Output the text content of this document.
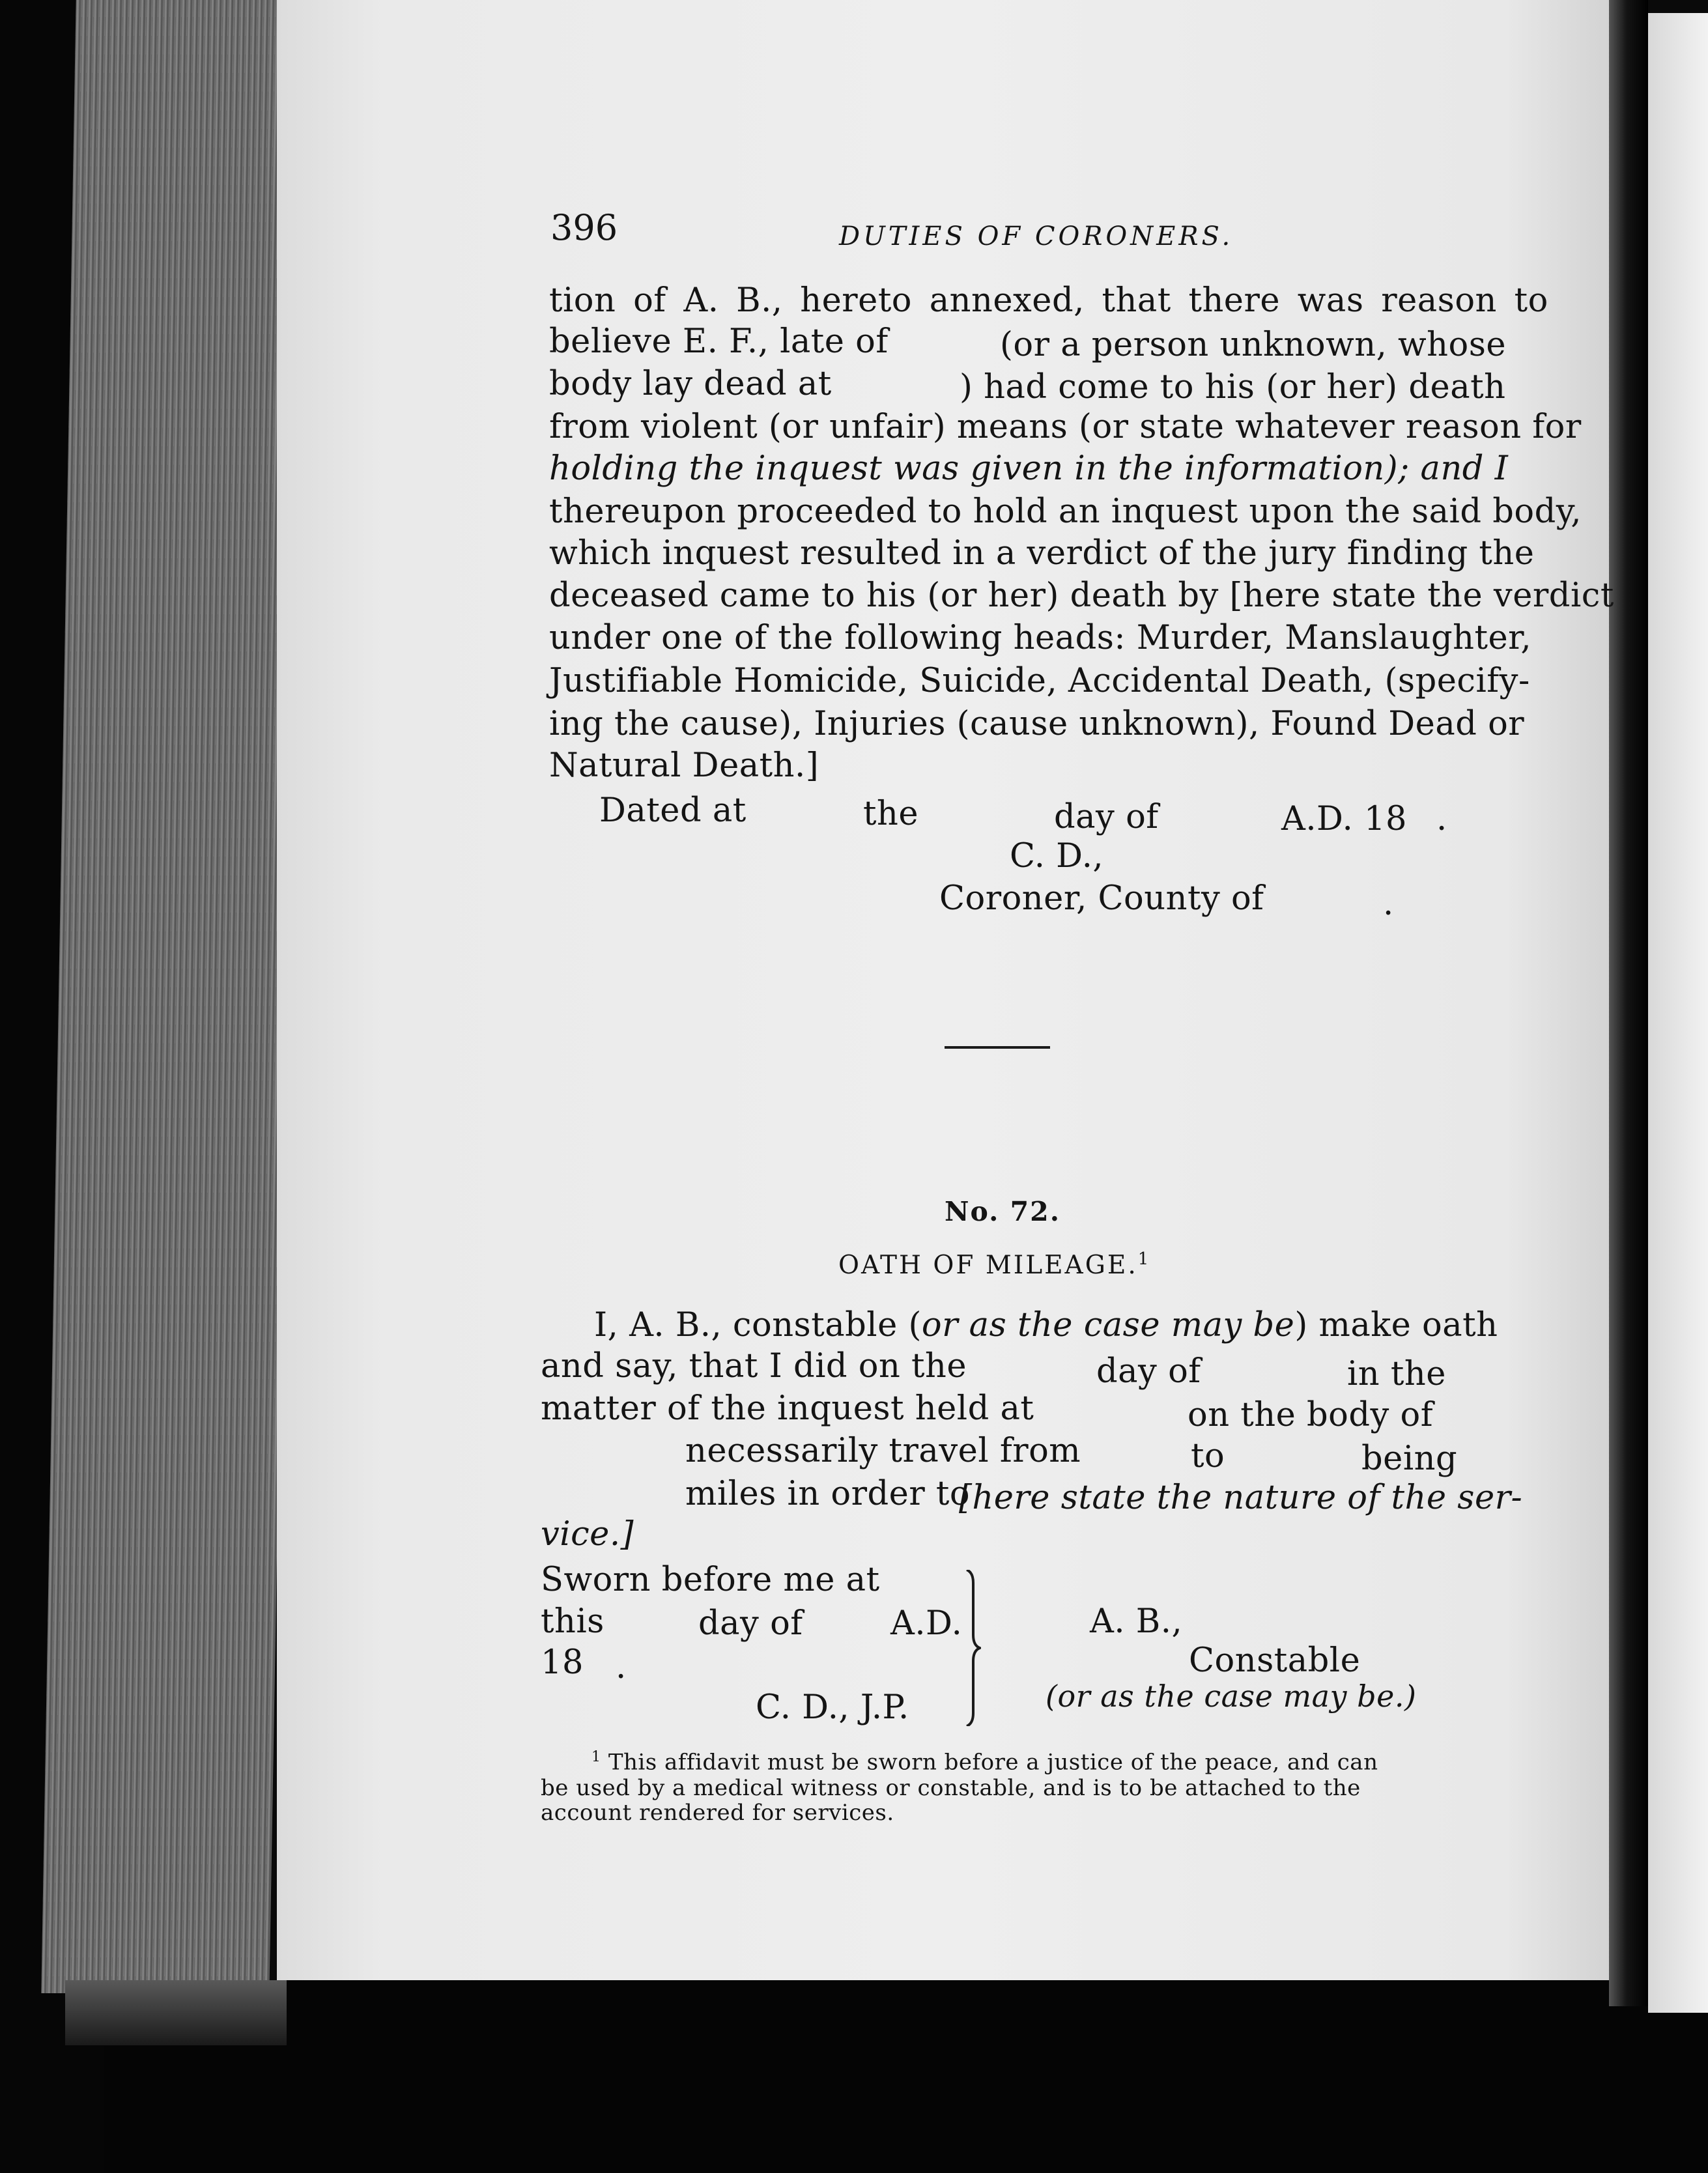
396	DUTIES OF CORONERS.
tion of A. B., hereto annexed, that there was reason to
believe E. F., late of	(or a person unknown, whose
body lay dead at	) had come to his (or her) death
from violent (or unfair) means (or state whatever reason for
holding the inquest was given in the information); and I
thereupon proceeded to hold an inquest upon the said body,
which inquest resulted in a verdict of the jury finding the
deceased came to his (or her) death by [here state the verdict
under one of the following heads: Murder, Manslaughter,
Justifiable Homicide, Suicide, Accidental Death, (specify-
ing the cause), Injuries (cause unknown), Found Dead or
Natural Death.]
Dated at	the	day of	A.D. 18 .
C. D.,
Coroner, County of	.
No. 72.
OATH OF MILEAGE.$^1$
I, A. B., constable (or as the case may be) make oath
and say, that I did on the	day of	in the
matter of the inquest held at	on the body of
necessarily travel from	to	being
miles in order to
[here state the nature of the ser-
vice.]
Sworn before me at
this	day of	A.D.
18 .
C. D., J.P.
A. B.,
Constable
(or as the case may be.)
$^1$ This affidavit must be sworn before a justice of the peace, and can
be used by a medical witness or constable, and is to be attached to the
account rendered for services.
